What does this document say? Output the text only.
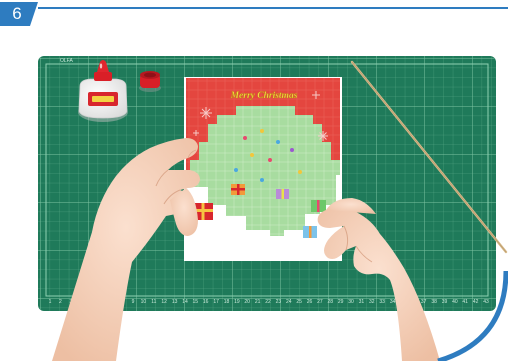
OLFA
1 2	9 10 11 12 13 14 15 16 17 18 19 20 21 22 23 24 25 26 27 28 29 30 31 32 33 34	37 38 39 40 41 42 43
Merry Christmas
6
